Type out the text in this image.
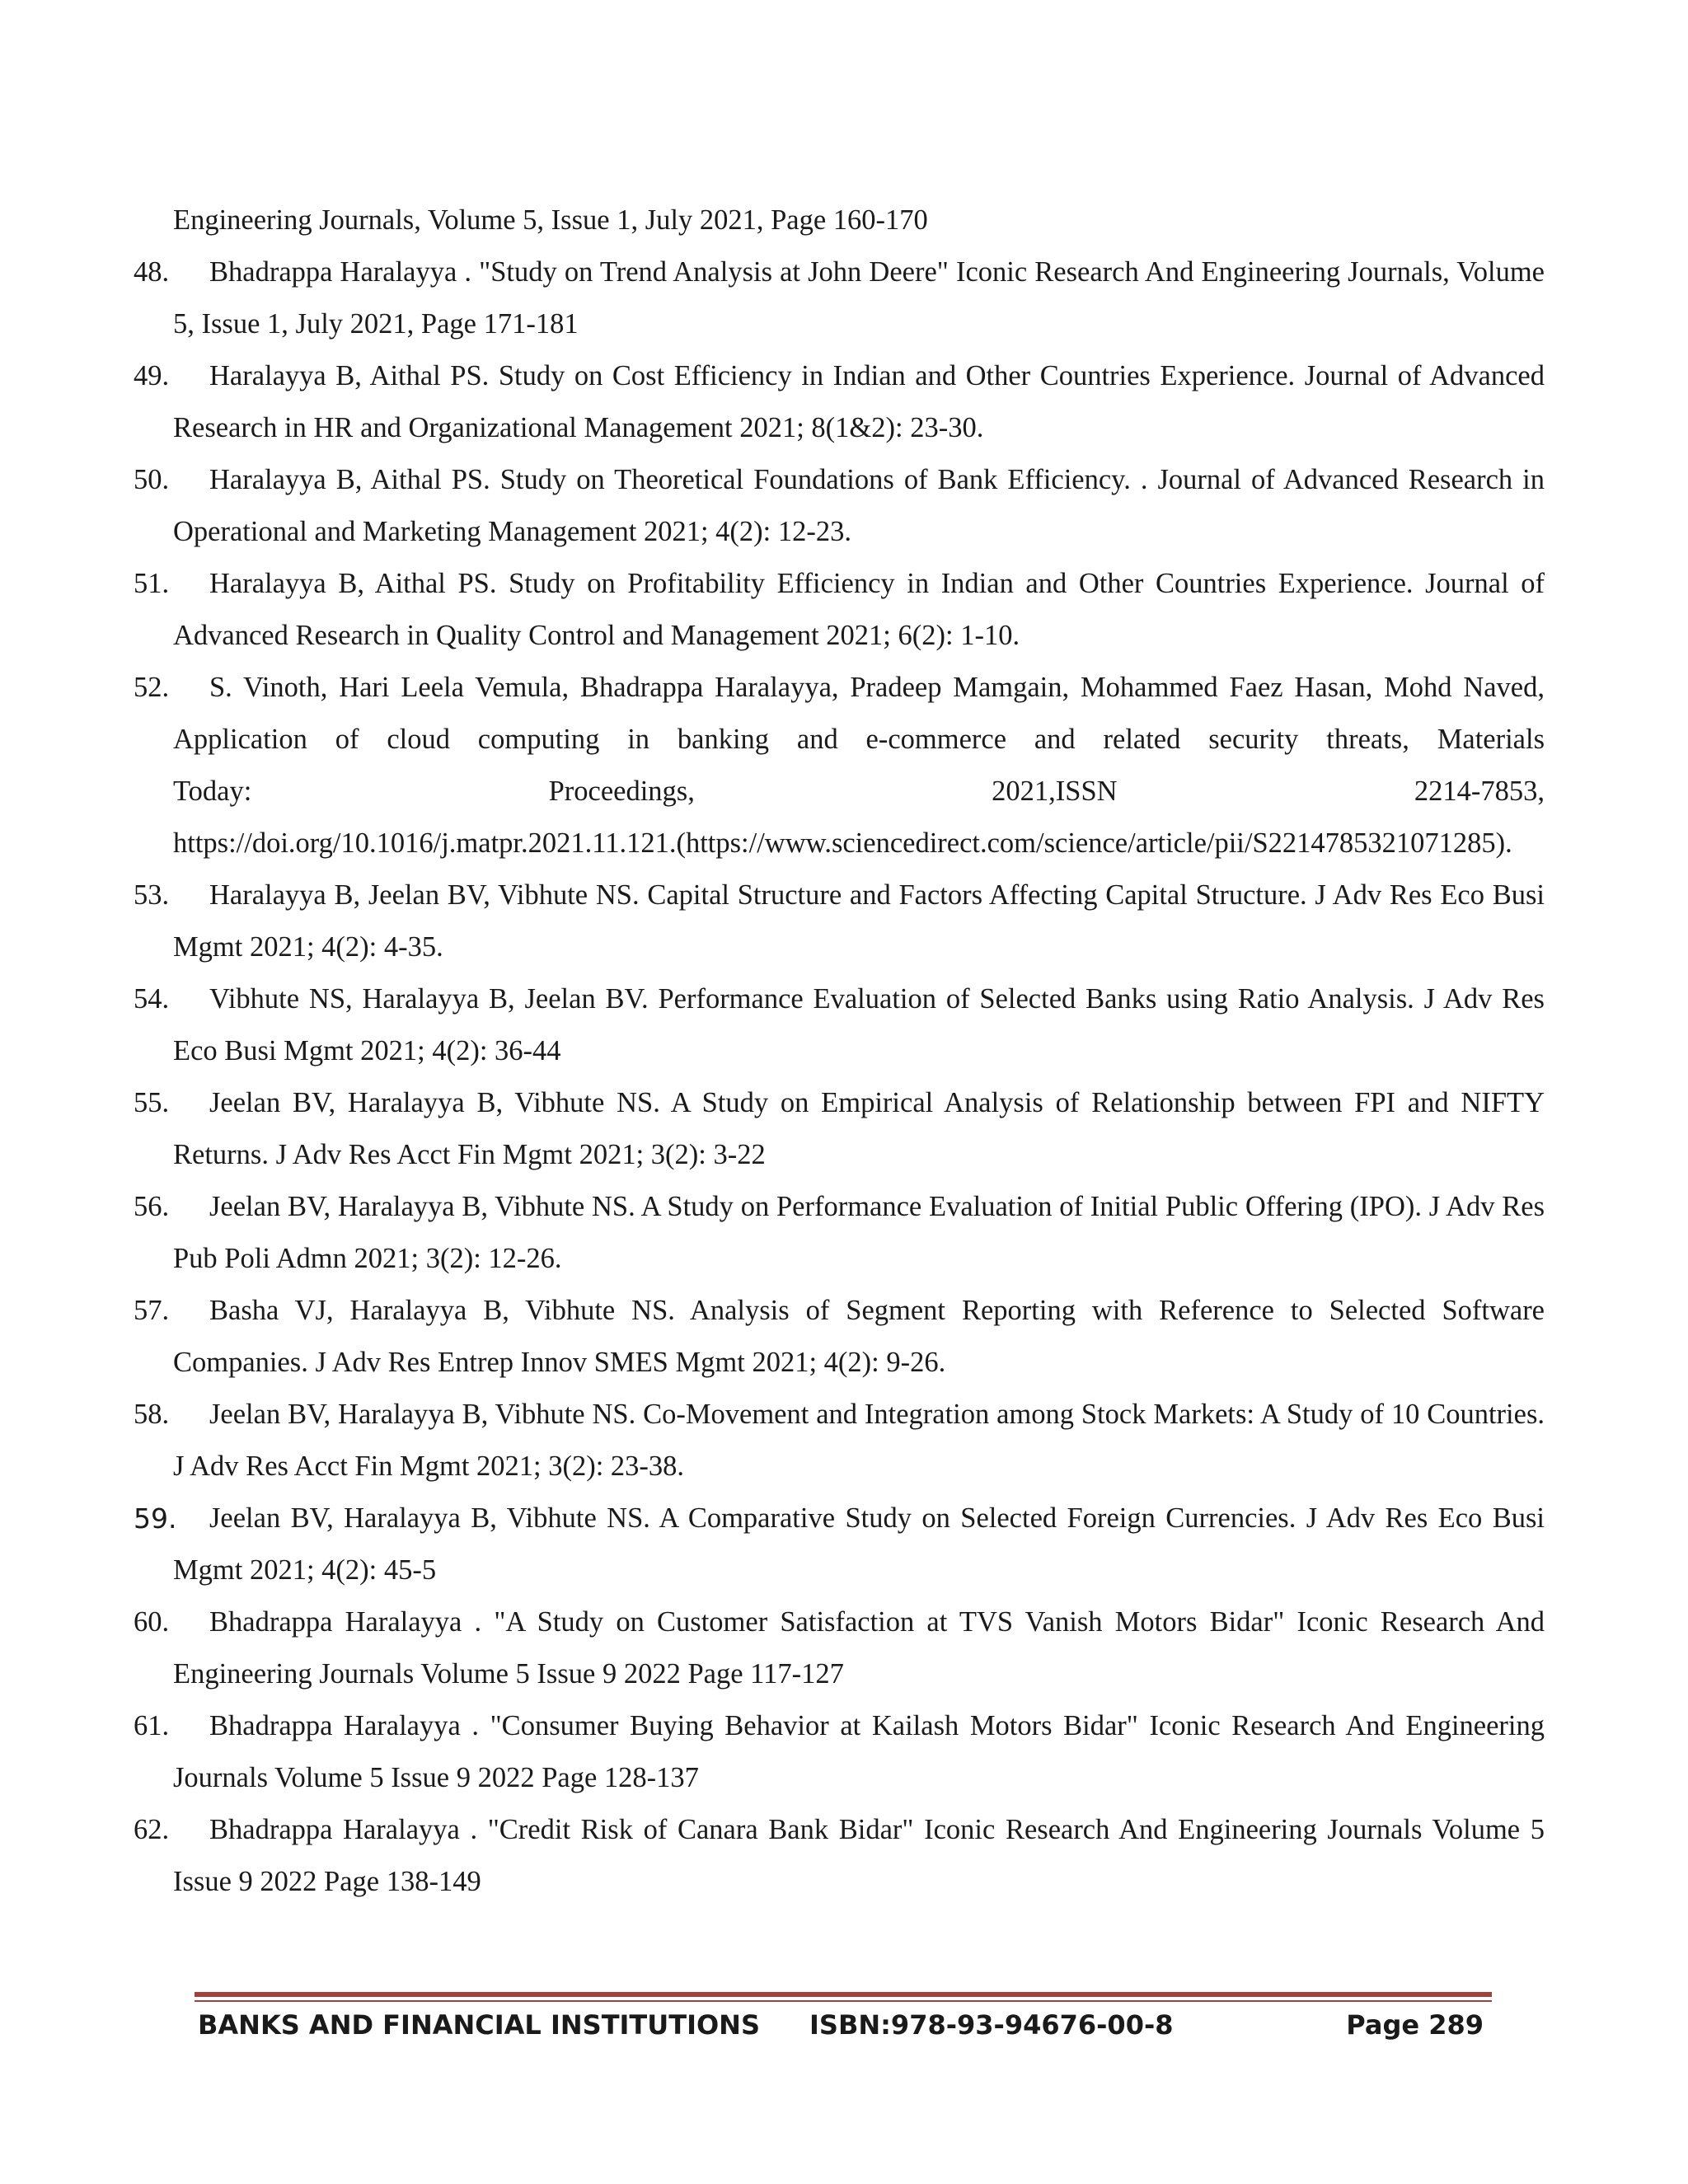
Engineering Journals, Volume 5, Issue 1, July 2021, Page 160-170
48. Bhadrappa Haralayya . "Study on Trend Analysis at John Deere" Iconic Research And Engineering Journals, Volume 5, Issue 1, July 2021, Page 171-181
49. Haralayya B, Aithal PS. Study on Cost Efficiency in Indian and Other Countries Experience. Journal of Advanced Research in HR and Organizational Management 2021; 8(1&2): 23-30.
50. Haralayya B, Aithal PS. Study on Theoretical Foundations of Bank Efficiency. . Journal of Advanced Research in Operational and Marketing Management 2021; 4(2): 12-23.
51. Haralayya B, Aithal PS. Study on Profitability Efficiency in Indian and Other Countries Experience. Journal of Advanced Research in Quality Control and Management 2021; 6(2): 1-10.
52. S. Vinoth, Hari Leela Vemula, Bhadrappa Haralayya, Pradeep Mamgain, Mohammed Faez Hasan, Mohd Naved, Application of cloud computing in banking and e-commerce and related security threats, Materials
Today:	Proceedings,	2021,ISSN	2214-7853,
https://doi.org/10.1016/j.matpr.2021.11.121.(https://www.sciencedirect.com/science/article/pii/S2214785321071285).
53. Haralayya B, Jeelan BV, Vibhute NS. Capital Structure and Factors Affecting Capital Structure. J Adv Res Eco Busi Mgmt 2021; 4(2): 4-35.
54. Vibhute NS, Haralayya B, Jeelan BV. Performance Evaluation of Selected Banks using Ratio Analysis. J Adv Res Eco Busi Mgmt 2021; 4(2): 36-44
55. Jeelan BV, Haralayya B, Vibhute NS. A Study on Empirical Analysis of Relationship between FPI and NIFTY Returns. J Adv Res Acct Fin Mgmt 2021; 3(2): 3-22
56. Jeelan BV, Haralayya B, Vibhute NS. A Study on Performance Evaluation of Initial Public Offering (IPO). J Adv Res Pub Poli Admn 2021; 3(2): 12-26.
57. Basha VJ, Haralayya B, Vibhute NS. Analysis of Segment Reporting with Reference to Selected Software Companies. J Adv Res Entrep Innov SMES Mgmt 2021; 4(2): 9-26.
58. Jeelan BV, Haralayya B, Vibhute NS. Co-Movement and Integration among Stock Markets: A Study of 10 Countries. J Adv Res Acct Fin Mgmt 2021; 3(2): 23-38.
59. Jeelan BV, Haralayya B, Vibhute NS. A Comparative Study on Selected Foreign Currencies. J Adv Res Eco Busi Mgmt 2021; 4(2): 45-5
60. Bhadrappa Haralayya . "A Study on Customer Satisfaction at TVS Vanish Motors Bidar" Iconic Research And Engineering Journals Volume 5 Issue 9 2022 Page 117-127
61. Bhadrappa Haralayya . "Consumer Buying Behavior at Kailash Motors Bidar" Iconic Research And Engineering Journals Volume 5 Issue 9 2022 Page 128-137
62. Bhadrappa Haralayya . "Credit Risk of Canara Bank Bidar" Iconic Research And Engineering Journals Volume 5 Issue 9 2022 Page 138-149
BANKS AND FINANCIAL INSTITUTIONS ISBN:978-93-94676-00-8	Page 289
